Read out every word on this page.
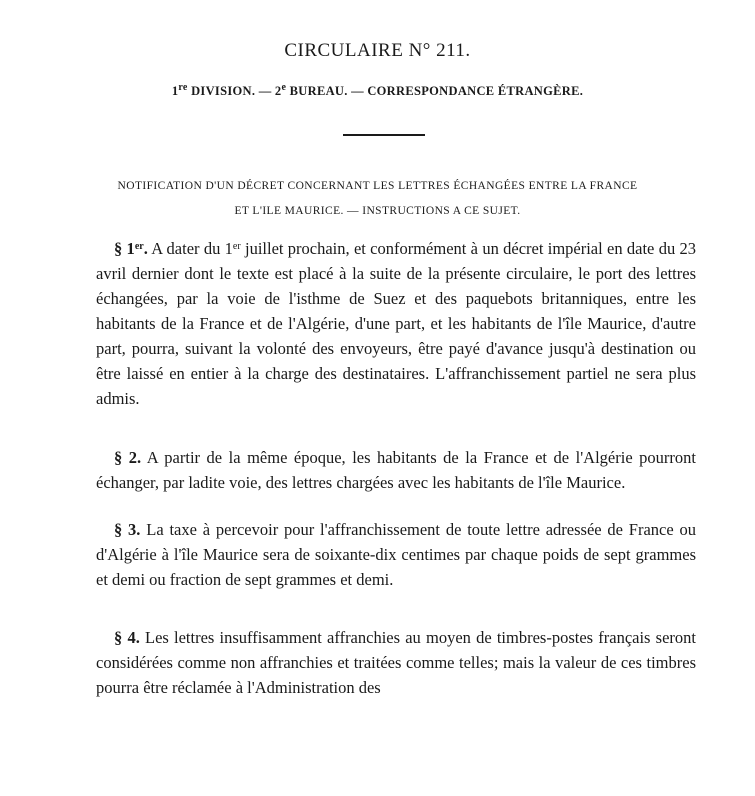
CIRCULAIRE N° 211.
1re DIVISION. — 2e BUREAU. — CORRESPONDANCE ÉTRANGÈRE.
NOTIFICATION D'UN DÉCRET CONCERNANT LES LETTRES ÉCHANGÉES ENTRE LA FRANCE
ET L'ILE MAURICE. — INSTRUCTIONS A CE SUJET.

§ 1er. A dater du 1er juillet prochain, et conformément à un décret impérial en date du 23 avril dernier dont le texte est placé à la suite de la présente circulaire, le port des lettres échangées, par la voie de l'isthme de Suez et des paquebots britanniques, entre les habitants de la France et de l'Algérie, d'une part, et les habitants de l'île Maurice, d'autre part, pourra, suivant la volonté des envoyeurs, être payé d'avance jusqu'à destination ou être laissé en entier à la charge des destinataires. L'affranchissement partiel ne sera plus admis.

§ 2. A partir de la même époque, les habitants de la France et de l'Algérie pourront échanger, par ladite voie, des lettres chargées avec les habitants de l'île Maurice.

§ 3. La taxe à percevoir pour l'affranchissement de toute lettre adressée de France ou d'Algérie à l'île Maurice sera de soixante-dix centimes par chaque poids de sept grammes et demi ou fraction de sept grammes et demi.

§ 4. Les lettres insuffisamment affranchies au moyen de timbres-postes français seront considérées comme non affranchies et traitées comme telles; mais la valeur de ces timbres pourra être réclamée à l'Administration des
